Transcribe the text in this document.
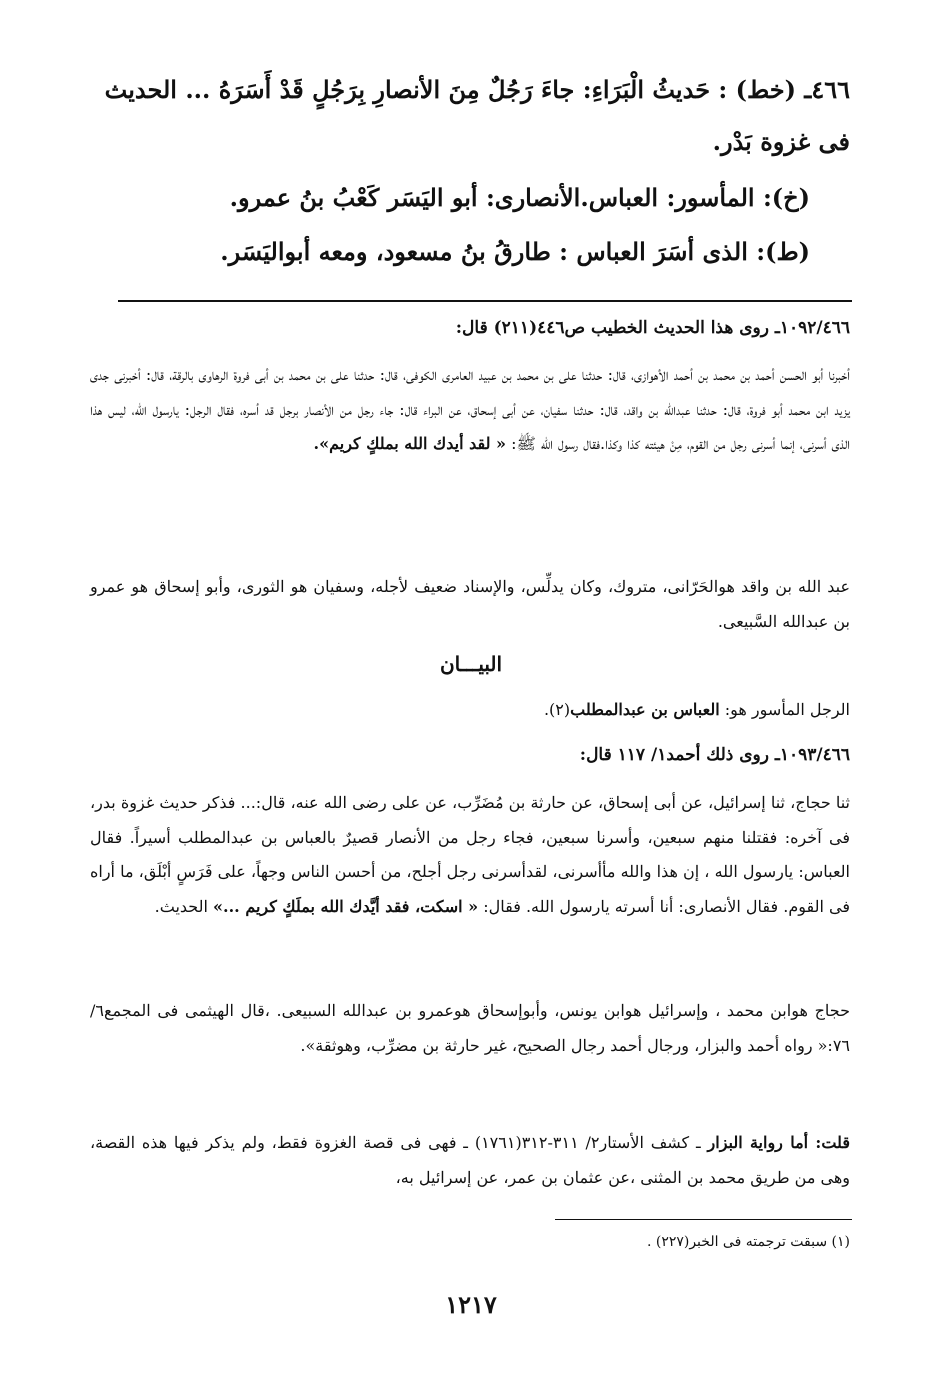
٤٦٦ـ (خط) : حَديثُ الْبَرَاءِ: جاءَ رَجُلٌ مِنَ الأنصارِ بِرَجُلٍ قَدْ أَسَرَهُ ... الحديث
فى غزوة بَدْر.
(خ): المأسور: العباس.الأنصارى: أبو اليَسَر كَعْبُ بنُ عمرو.
(ط): الذى أسَرَ العباس : طارقُ بنُ مسعود، ومعه أبواليَسَر.
١٠٩٢/٤٦٦ـ روى هذا الحديث الخطيب ص٤٤٦(٢١١) قال:
أخبرنا أبو الحسن أحمد بن محمد بن أحمد الأهوازى، قال: حدثنا على بن محمد بن عبيد العامرى الكوفى، قال: حدثنا على بن محمد بن أبى فروة الرهاوى بالرقة، قال: أخبرنى جدى يزيد ابن محمد أبو فروة، قال: حدثنا عبدالله بن واقد، قال: حدثنا سفيان، عن أبى إسحاق، عن البراء قال: جاء رجل من الأنصار برجل قد أسره، فقال الرجل: يارسول الله، ليس هذا الذى أسرنى، إنما أسرنى رجل من القوم، مِنْ هيئته كذا وكذا.فقال رسول الله ﷺ: « لقد أيدك الله بملكٍ كريم».
عبد الله بن واقد هوالحَرّانى، متروك، وكان يدلِّس، والإسناد ضعيف لأجله، وسفيان هو الثورى، وأبو إسحاق هو عمرو بن عبدالله السَّبيعى.
البيـــان
الرجل المأسور هو: العباس بن عبدالمطلب(٢).
١٠٩٣/٤٦٦ـ روى ذلك أحمد١/ ١١٧ قال:
ثنا حجاج، ثنا إسرائيل، عن أبى إسحاق، عن حارثة بن مُضَرِّب، عن على رضى الله عنه، قال:... فذكر حديث غزوة بدر، فى آخره: فقتلنا منهم سبعين، وأسرنا سبعين، فجاء رجل من الأنصار قصيرٌ بالعباس بن عبدالمطلب أسيراً. فقال العباس: يارسول الله ، إن هذا والله مأأسرنى، لقدأسرنى رجل أجلح، من أحسن الناس وجهاً، على فَرَسٍ أبْلَق، ما أراه فى القوم. فقال الأنصارى: أنا أسرته يارسول الله. فقال: « اسكت، فقد أيَّدك الله بملَكٍ كريم ...» الحديث.
حجاج هوابن محمد ، وإسرائيل هوابن يونس، وأبوإسحاق هوعمرو بن عبدالله السبيعى. ،قال الهيثمى فى المجمع٦/ ٧٦:« رواه أحمد والبزار، ورجال أحمد رجال الصحيح، غير حارثة بن مضرِّب، وهوثقة».
قلت: أما رواية البزار ـ كشف الأستار٢/ ٣١١-٣١٢(١٧٦١) ـ فهى فى قصة الغزوة فقط، ولم يذكر فيها هذه القصة، وهى من طريق محمد بن المثنى ،عن عثمان بن عمر، عن إسرائيل به،
(١) سبقت ترجمته فى الخبر(٢٢٧) .
١٢١٧
